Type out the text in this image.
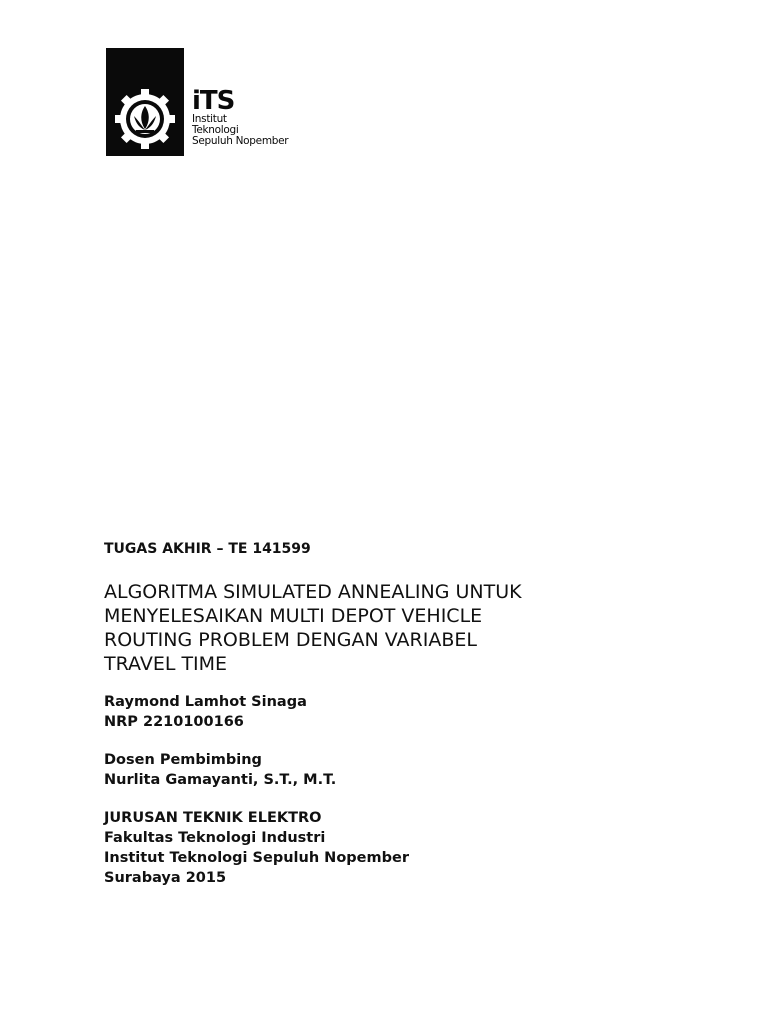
iTS
Institut
Teknologi
Sepuluh Nopember
TUGAS AKHIR – TE 141599
ALGORITMA SIMULATED ANNEALING UNTUK
MENYELESAIKAN MULTI DEPOT VEHICLE
ROUTING PROBLEM DENGAN VARIABEL
TRAVEL TIME
Raymond Lamhot Sinaga
NRP 2210100166
Dosen Pembimbing
Nurlita Gamayanti, S.T., M.T.
JURUSAN TEKNIK ELEKTRO
Fakultas Teknologi Industri
Institut Teknologi Sepuluh Nopember
Surabaya 2015
